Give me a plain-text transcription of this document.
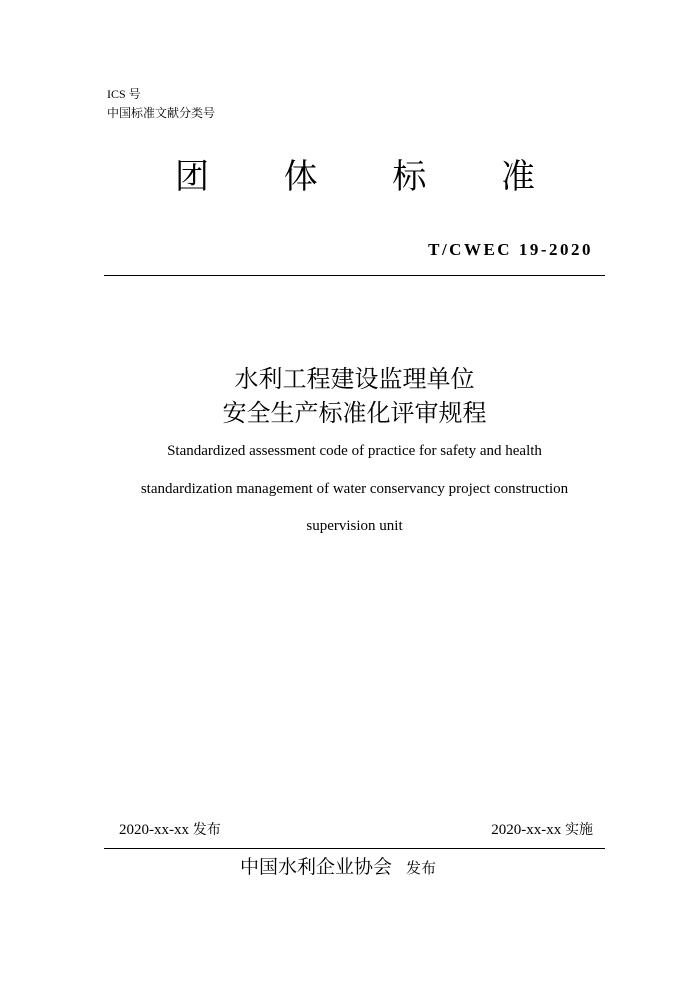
ICS 号
中国标准文献分类号
团 体 标 准
T/CWEC 19-2020
水利工程建设监理单位
安全生产标准化评审规程
Standardized assessment code of practice for safety and health
standardization management of water conservancy project construction
supervision unit
2020-xx-xx 发布	2020-xx-xx 实施
中国水利企业协会 发布
